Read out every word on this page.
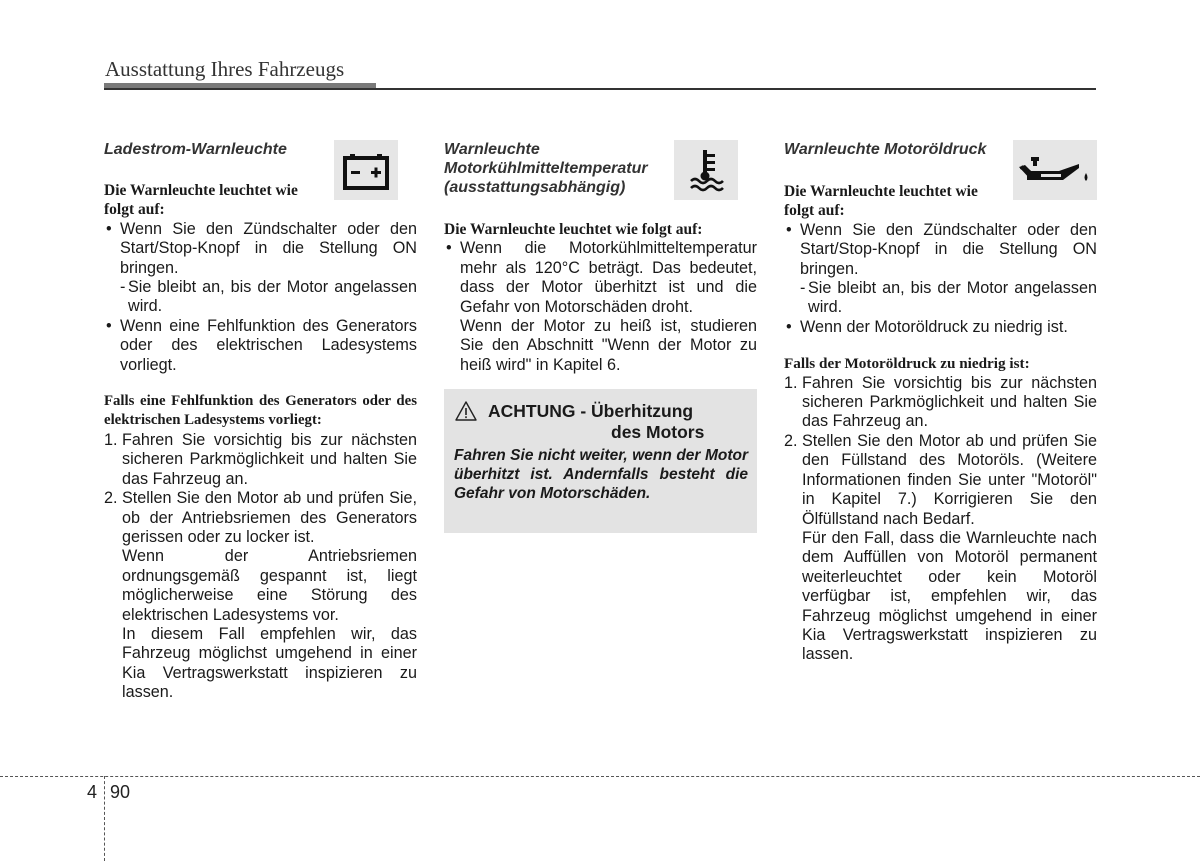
Ausstattung Ihres Fahrzeugs
Ladestrom-Warnleuchte
Die Warnleuchte leuchtet wie folgt auf:
• Wenn Sie den Zündschalter oder den Start/Stop-Knopf in die Stellung ON bringen.
- Sie bleibt an, bis der Motor angelassen wird.
• Wenn eine Fehlfunktion des Generators oder des elektrischen Ladesystems vorliegt.
Falls eine Fehlfunktion des Generators oder des elektrischen Ladesystems vorliegt:
1. Fahren Sie vorsichtig bis zur nächsten sicheren Parkmöglichkeit und halten Sie das Fahrzeug an.
2. Stellen Sie den Motor ab und prüfen Sie, ob der Antriebsriemen des Generators gerissen oder zu locker ist.
Wenn der Antriebsriemen ordnungsgemäß gespannt ist, liegt möglicherweise eine Störung des elektrischen Ladesystems vor.
In diesem Fall empfehlen wir, das Fahrzeug möglichst umgehend in einer Kia Vertragswerkstatt inspizieren zu lassen.
Warnleuchte Motorkühlmitteltemperatur (ausstattungsabhängig)
Die Warnleuchte leuchtet wie folgt auf:
• Wenn die Motorkühlmitteltemperatur mehr als 120°C beträgt. Das bedeutet, dass der Motor überhitzt ist und die Gefahr von Motorschäden droht.
Wenn der Motor zu heiß ist, studieren Sie den Abschnitt "Wenn der Motor zu heiß wird" in Kapitel 6.
ACHTUNG - Überhitzung
des Motors
Fahren Sie nicht weiter, wenn der Motor überhitzt ist. Andernfalls besteht die Gefahr von Motorschäden.
Warnleuchte Motoröldruck
Die Warnleuchte leuchtet wie folgt auf:
• Wenn Sie den Zündschalter oder den Start/Stop-Knopf in die Stellung ON bringen.
- Sie bleibt an, bis der Motor angelassen wird.
• Wenn der Motoröldruck zu niedrig ist.
Falls der Motoröldruck zu niedrig ist:
1. Fahren Sie vorsichtig bis zur nächsten sicheren Parkmöglichkeit und halten Sie das Fahrzeug an.
2. Stellen Sie den Motor ab und prüfen Sie den Füllstand des Motoröls. (Weitere Informationen finden Sie unter "Motoröl" in Kapitel 7.) Korrigieren Sie den Ölfüllstand nach Bedarf.
Für den Fall, dass die Warnleuchte nach dem Auffüllen von Motoröl permanent weiterleuchtet oder kein Motoröl verfügbar ist, empfehlen wir, das Fahrzeug möglichst umgehend in einer Kia Vertragswerkstatt inspizieren zu lassen.
4 90
